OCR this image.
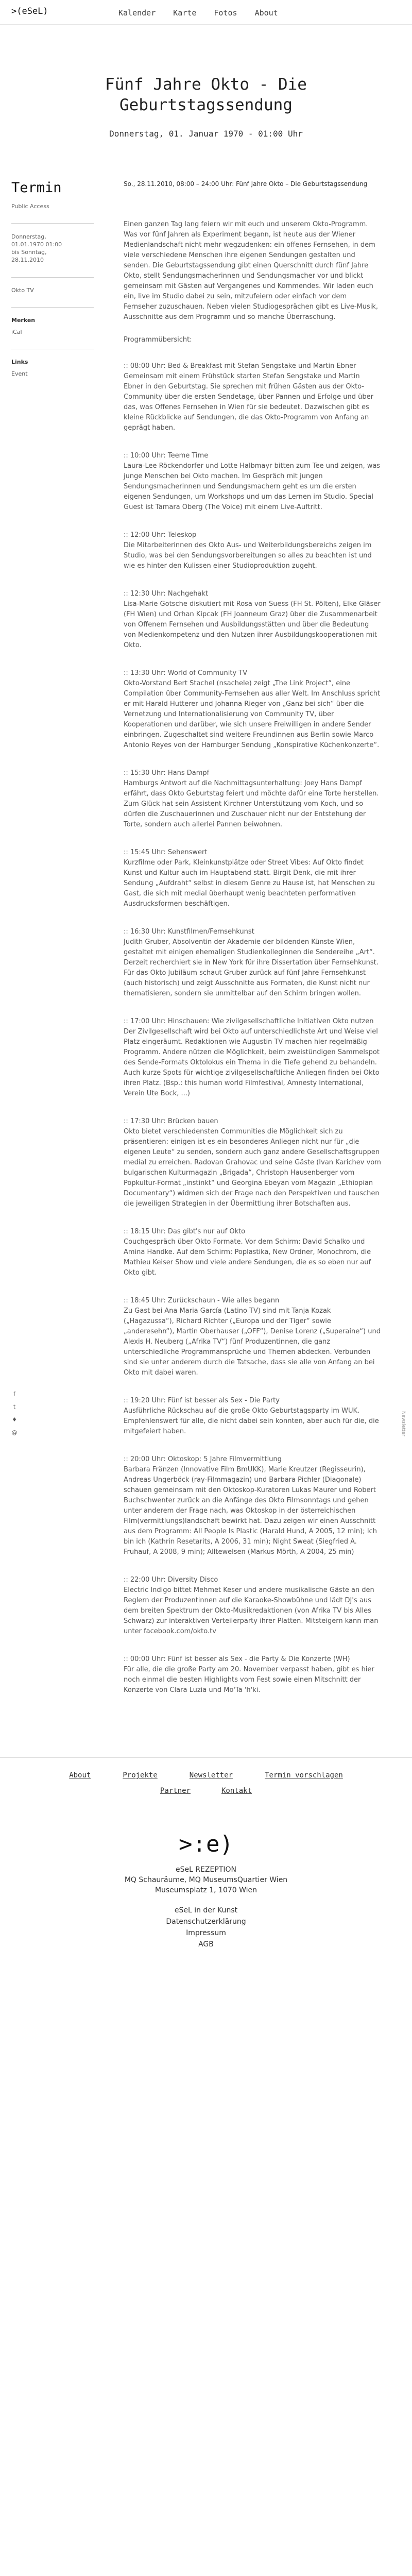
>(eSeL)	Kalender Karte Fotos About
Fünf Jahre Okto - Die
Geburtstagssendung
Donnerstag, 01. Januar 1970 - 01:00 Uhr
Termin
Public Access
Donnerstag,
01.01.1970 01:00
bis Sonntag,
28.11.2010
Okto TV
Merken
iCal
Links
Event
f
t
♦
@	Newsletter
So., 28.11.2010, 08:00 – 24:00 Uhr: Fünf Jahre Okto – Die Geburtstagssendung
Einen ganzen Tag lang feiern wir mit euch und unserem Okto-Programm. Was vor fünf Jahren als Experiment begann, ist heute aus der Wiener Medienlandschaft nicht mehr wegzudenken: ein offenes Fernsehen, in dem viele verschiedene Menschen ihre eigenen Sendungen gestalten und senden. Die Geburtstagssendung gibt einen Querschnitt durch fünf Jahre Okto, stellt Sendungsmacherinnen und Sendungsmacher vor und blickt gemeinsam mit Gästen auf Vergangenes und Kommendes. Wir laden euch ein, live im Studio dabei zu sein, mitzufeiern oder einfach vor dem Fernseher zuzuschauen. Neben vielen Studiogesprächen gibt es Live-Musik, Ausschnitte aus dem Programm und so manche Überraschung.
Programmübersicht:
:: 08:00 Uhr: Bed & Breakfast mit Stefan Sengstake und Martin Ebner
Gemeinsam mit einem Frühstück starten Stefan Sengstake und Martin Ebner in den Geburtstag. Sie sprechen mit frühen Gästen aus der Okto-Community über die ersten Sendetage, über Pannen und Erfolge und über das, was Offenes Fernsehen in Wien für sie bedeutet. Dazwischen gibt es kleine Rückblicke auf Sendungen, die das Okto-Programm von Anfang an geprägt haben.
:: 10:00 Uhr: Teeme Time
Laura-Lee Röckendorfer und Lotte Halbmayr bitten zum Tee und zeigen, was junge Menschen bei Okto machen. Im Gespräch mit jungen Sendungsmacherinnen und Sendungsmachern geht es um die ersten eigenen Sendungen, um Workshops und um das Lernen im Studio. Special Guest ist Tamara Oberg (The Voice) mit einem Live-Auftritt.
:: 12:00 Uhr: Teleskop
Die Mitarbeiterinnen des Okto Aus- und Weiterbildungsbereichs zeigen im Studio, was bei den Sendungsvorbereitungen so alles zu beachten ist und wie es hinter den Kulissen einer Studioproduktion zugeht.
:: 12:30 Uhr: Nachgehakt
Lisa-Marie Gotsche diskutiert mit Rosa von Suess (FH St. Pölten), Elke Gläser (FH Wien) und Orhan Kipcak (FH Joanneum Graz) über die Zusammenarbeit von Offenem Fernsehen und Ausbildungsstätten und über die Bedeutung von Medienkompetenz und den Nutzen ihrer Ausbildungskooperationen mit Okto.
:: 13:30 Uhr: World of Community TV
Okto-Vorstand Bert Stachel (nsachele) zeigt „The Link Project“, eine Compilation über Community-Fernsehen aus aller Welt. Im Anschluss spricht er mit Harald Hutterer und Johanna Rieger von „Ganz bei sich“ über die Vernetzung und Internationalisierung von Community TV, über Kooperationen und darüber, wie sich unsere Freiwilligen in andere Sender einbringen. Zugeschaltet sind weitere Freundinnen aus Berlin sowie Marco Antonio Reyes von der Hamburger Sendung „Konspirative Küchenkonzerte“.
:: 15:30 Uhr: Hans Dampf
Hamburgs Antwort auf die Nachmittagsunterhaltung: Joey Hans Dampf erfährt, dass Okto Geburtstag feiert und möchte dafür eine Torte herstellen. Zum Glück hat sein Assistent Kirchner Unterstützung vom Koch, und so dürfen die Zuschauerinnen und Zuschauer nicht nur der Entstehung der Torte, sondern auch allerlei Pannen beiwohnen.
:: 15:45 Uhr: Sehenswert
Kurzfilme oder Park, Kleinkunstplätze oder Street Vibes: Auf Okto findet Kunst und Kultur auch im Hauptabend statt. Birgit Denk, die mit ihrer Sendung „Aufdraht“ selbst in diesem Genre zu Hause ist, hat Menschen zu Gast, die sich mit medial überhaupt wenig beachteten performativen Ausdrucksformen beschäftigen.
:: 16:30 Uhr: Kunstfilmen/Fernsehkunst
Judith Gruber, Absolventin der Akademie der bildenden Künste Wien, gestaltet mit einigen ehemaligen Studienkolleginnen die Sendereihe „Art“. Derzeit recherchiert sie in New York für ihre Dissertation über Fernsehkunst. Für das Okto Jubiläum schaut Gruber zurück auf fünf Jahre Fernsehkunst (auch historisch) und zeigt Ausschnitte aus Formaten, die Kunst nicht nur thematisieren, sondern sie unmittelbar auf den Schirm bringen wollen.
:: 17:00 Uhr: Hinschauen: Wie zivilgesellschaftliche Initiativen Okto nutzen
Der Zivilgesellschaft wird bei Okto auf unterschiedlichste Art und Weise viel Platz eingeräumt. Redaktionen wie Augustin TV machen hier regelmäßig Programm. Andere nützen die Möglichkeit, beim zweistündigen Sammelspot des Sende-Formats Oktolokus ein Thema in die Tiefe gehend zu behandeln. Auch kurze Spots für wichtige zivilgesellschaftliche Anliegen finden bei Okto ihren Platz. (Bsp.: this human world Filmfestival, Amnesty International, Verein Ute Bock, ...)
:: 17:30 Uhr: Brücken bauen
Okto bietet verschiedensten Communities die Möglichkeit sich zu präsentieren: einigen ist es ein besonderes Anliegen nicht nur für „die eigenen Leute“ zu senden, sondern auch ganz andere Gesellschaftsgruppen medial zu erreichen. Radovan Grahovac und seine Gäste (Ivan Karichev vom bulgarischen Kulturmagazin „Brigada“, Christoph Hausenberger vom Popkultur-Format „instinkt“ und Georgina Ebeyan vom Magazin „Ethiopian Documentary“) widmen sich der Frage nach den Perspektiven und tauschen die jeweiligen Strategien in der Übermittlung ihrer Botschaften aus.
:: 18:15 Uhr: Das gibt's nur auf Okto
Couchgespräch über Okto Formate. Vor dem Schirm: David Schalko und Amina Handke. Auf dem Schirm: Poplastika, New Ordner, Monochrom, die Mathieu Keiser Show und viele andere Sendungen, die es so eben nur auf Okto gibt.
:: 18:45 Uhr: Zurückschaun - Wie alles begann
Zu Gast bei Ana Maria García (Latino TV) sind mit Tanja Kozak („Hagazussa“), Richard Richter („Europa und der Tiger“ sowie „anderesehn“), Martin Oberhauser („OFF“), Denise Lorenz („Superaine“) und Alexis H. Neuberg („Afrika TV“) fünf Produzentinnen, die ganz unterschiedliche Programmansprüche und Themen abdecken. Verbunden sind sie unter anderem durch die Tatsache, dass sie alle von Anfang an bei Okto mit dabei waren.
:: 19:20 Uhr: Fünf ist besser als Sex - Die Party
Ausführliche Rückschau auf die große Okto Geburtstagsparty im WUK. Empfehlenswert für alle, die nicht dabei sein konnten, aber auch für die, die mitgefeiert haben.
:: 20:00 Uhr: Oktoskop: 5 Jahre Filmvermittlung
Barbara Fränzen (Innovative Film BmUKK), Marie Kreutzer (Regisseurin), Andreas Ungerböck (ray-Filmmagazin) und Barbara Pichler (Diagonale) schauen gemeinsam mit den Oktoskop-Kuratoren Lukas Maurer und Robert Buchschwenter zurück an die Anfänge des Okto Filmsonntags und gehen unter anderem der Frage nach, was Oktoskop in der österreichischen Film(vermittlungs)landschaft bewirkt hat. Dazu zeigen wir einen Ausschnitt aus dem Programm: All People Is Plastic (Harald Hund, A 2005, 12 min); Ich bin ich (Kathrin Resetarits, A 2006, 31 min); Night Sweat (Siegfried A. Fruhauf, A 2008, 9 min); Alltewelsen (Markus Mörth, A 2004, 25 min)
:: 22:00 Uhr: Diversity Disco
Electric Indigo bittet Mehmet Keser und andere musikalische Gäste an den Reglern der Produzentinnen auf die Karaoke-Showbühne und lädt DJ's aus dem breiten Spektrum der Okto-Musikredaktionen (von Afrika TV bis Alles Schwarz) zur interaktiven Verteilerparty ihrer Platten. Mitsteigern kann man unter facebook.com/okto.tv
:: 00:00 Uhr: Fünf ist besser als Sex - die Party & Die Konzerte (WH)
Für alle, die die große Party am 20. November verpasst haben, gibt es hier noch einmal die besten Highlights vom Fest sowie einen Mitschnitt der Konzerte von Clara Luzia und Mo'Ta 'h'ki.
About	Projekte	Newsletter	Termin vorschlagen
Partner	Kontakt
>:e)
eSeL REZEPTION
MQ Schauräume, MQ MuseumsQuartier Wien
Museumsplatz 1, 1070 Wien
eSeL in der Kunst
Datenschutzerklärung
Impressum
AGB
